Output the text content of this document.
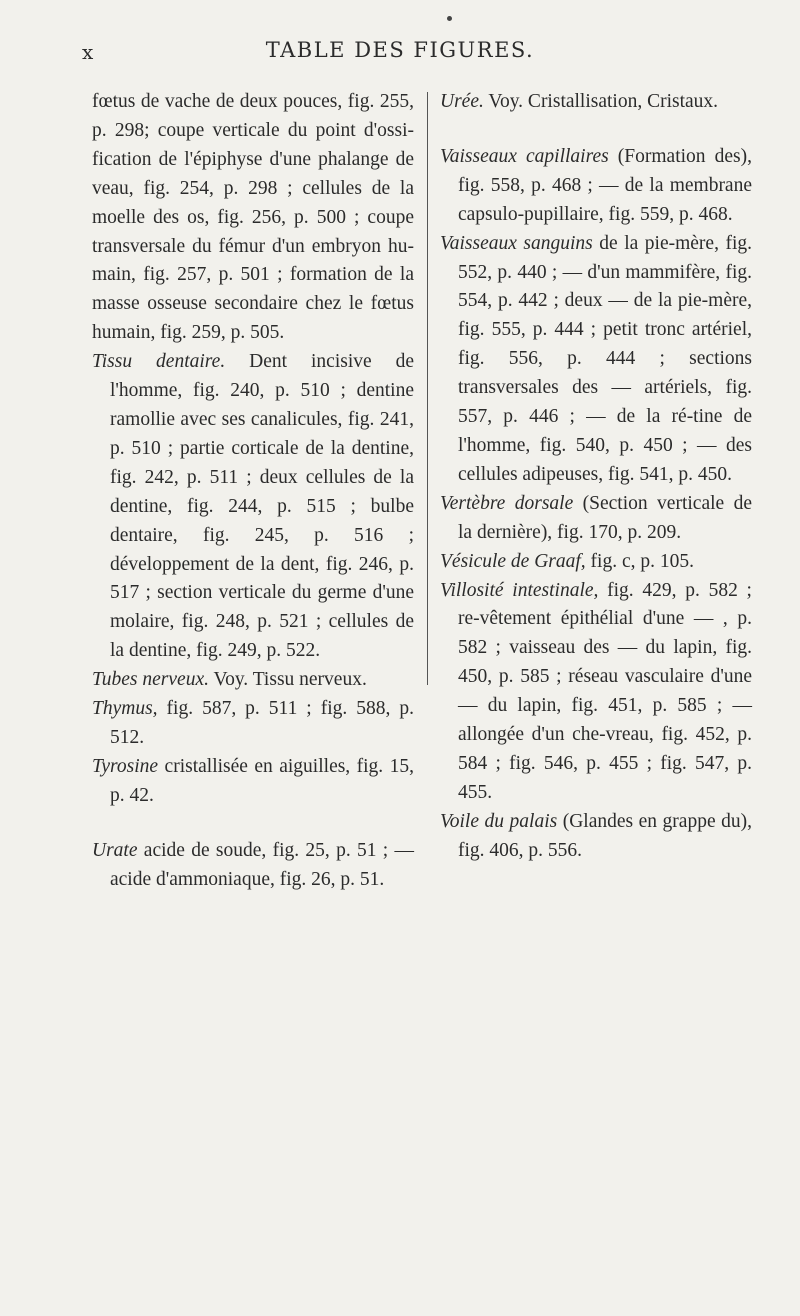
x	TABLE DES FIGURES.

fœtus de vache de deux pouces, fig. 255, p. 298; coupe verticale du point d'ossi-fication de l'épiphyse d'une phalange de veau, fig. 254, p. 298 ; cellules de la moelle des os, fig. 256, p. 500 ; coupe transversale du fémur d'un embryon hu-main, fig. 257, p. 501 ; formation de la masse osseuse secondaire chez le fœtus humain, fig. 259, p. 505.

Tissu dentaire. Dent incisive de l'homme, fig. 240, p. 510 ; dentine ramollie avec ses canalicules, fig. 241, p. 510 ; partie corticale de la dentine, fig. 242, p. 511 ; deux cellules de la dentine, fig. 244, p. 515 ; bulbe dentaire, fig. 245, p. 516 ; développement de la dent, fig. 246, p. 517 ; section verticale du germe d'une molaire, fig. 248, p. 521 ; cellules de la dentine, fig. 249, p. 522.

Tubes nerveux. Voy. Tissu nerveux.

Thymus, fig. 587, p. 511 ; fig. 588, p. 512.

Tyrosine cristallisée en aiguilles, fig. 15, p. 42.

Urate acide de soude, fig. 25, p. 51 ; — acide d'ammoniaque, fig. 26, p. 51.

Urée. Voy. Cristallisation, Cristaux.

Vaisseaux capillaires (Formation des), fig. 558, p. 468 ; — de la membrane capsulo-pupillaire, fig. 559, p. 468.

Vaisseaux sanguins de la pie-mère, fig. 552, p. 440 ; — d'un mammifère, fig. 554, p. 442 ; deux — de la pie-mère, fig. 555, p. 444 ; petit tronc artériel, fig. 556, p. 444 ; sections transversales des — artériels, fig. 557, p. 446 ; — de la ré-tine de l'homme, fig. 540, p. 450 ; — des cellules adipeuses, fig. 541, p. 450.

Vertèbre dorsale (Section verticale de la dernière), fig. 170, p. 209.

Vésicule de Graaf, fig. c, p. 105.

Villosité intestinale, fig. 429, p. 582 ; re-vêtement épithélial d'une — , p. 582 ; vaisseau des — du lapin, fig. 450, p. 585 ; réseau vasculaire d'une — du lapin, fig. 451, p. 585 ; — allongée d'un che-vreau, fig. 452, p. 584 ; fig. 546, p. 455 ; fig. 547, p. 455.

Voile du palais (Glandes en grappe du), fig. 406, p. 556.
